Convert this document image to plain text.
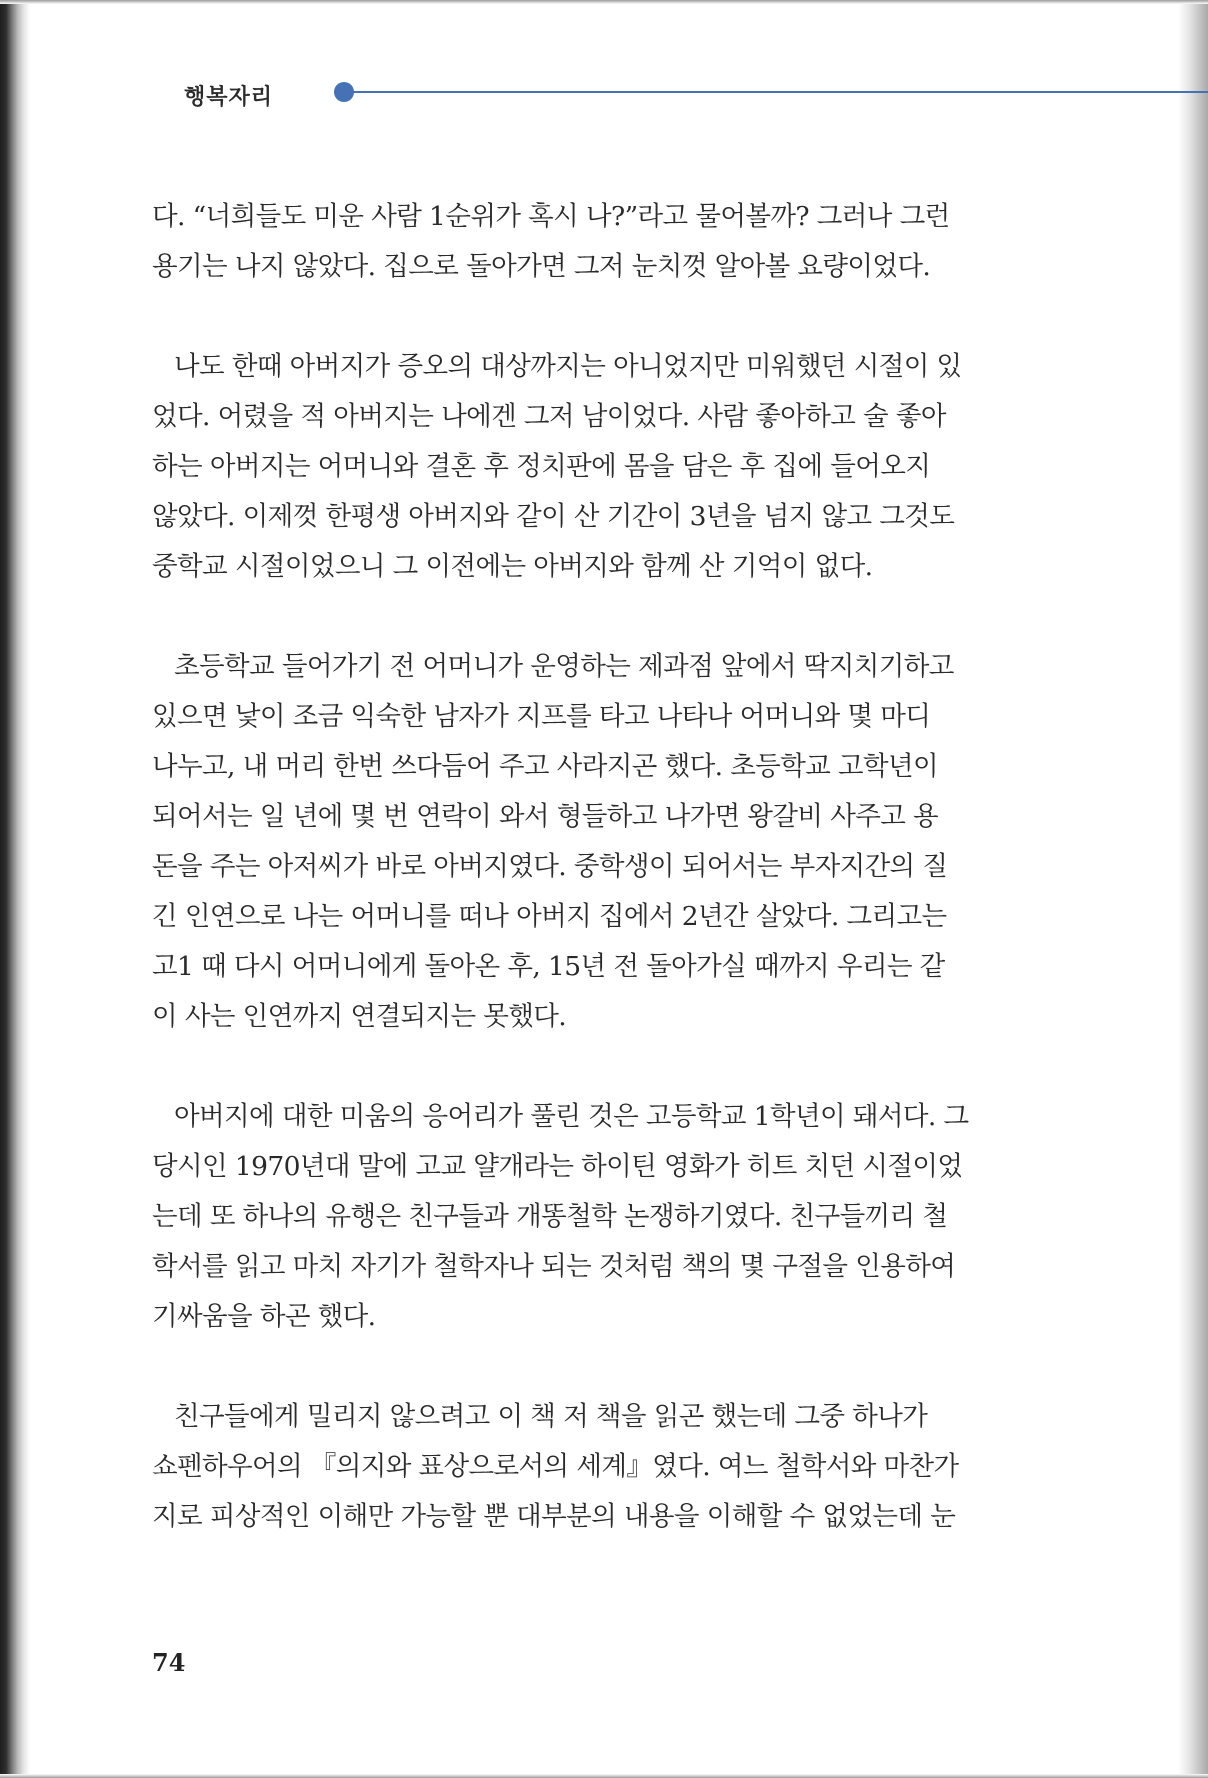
행복자리
다. “너희들도 미운 사람 1순위가 혹시 나?”라고 물어볼까? 그러나 그런
용기는 나지 않았다. 집으로 돌아가면 그저 눈치껏 알아볼 요량이었다.
나도 한때 아버지가 증오의 대상까지는 아니었지만 미워했던 시절이 있
었다. 어렸을 적 아버지는 나에겐 그저 남이었다. 사람 좋아하고 술 좋아
하는 아버지는 어머니와 결혼 후 정치판에 몸을 담은 후 집에 들어오지
않았다. 이제껏 한평생 아버지와 같이 산 기간이 3년을 넘지 않고 그것도
중학교 시절이었으니 그 이전에는 아버지와 함께 산 기억이 없다.
초등학교 들어가기 전 어머니가 운영하는 제과점 앞에서 딱지치기하고
있으면 낯이 조금 익숙한 남자가 지프를 타고 나타나 어머니와 몇 마디
나누고, 내 머리 한번 쓰다듬어 주고 사라지곤 했다. 초등학교 고학년이
되어서는 일 년에 몇 번 연락이 와서 형들하고 나가면 왕갈비 사주고 용
돈을 주는 아저씨가 바로 아버지였다. 중학생이 되어서는 부자지간의 질
긴 인연으로 나는 어머니를 떠나 아버지 집에서 2년간 살았다. 그리고는
고1 때 다시 어머니에게 돌아온 후, 15년 전 돌아가실 때까지 우리는 같
이 사는 인연까지 연결되지는 못했다.
아버지에 대한 미움의 응어리가 풀린 것은 고등학교 1학년이 돼서다. 그
당시인 1970년대 말에 고교 얄개라는 하이틴 영화가 히트 치던 시절이었
는데 또 하나의 유행은 친구들과 개똥철학 논쟁하기였다. 친구들끼리 철
학서를 읽고 마치 자기가 철학자나 되는 것처럼 책의 몇 구절을 인용하여
기싸움을 하곤 했다.
친구들에게 밀리지 않으려고 이 책 저 책을 읽곤 했는데 그중 하나가
쇼펜하우어의 『의지와 표상으로서의 세계』였다. 여느 철학서와 마찬가
지로 피상적인 이해만 가능할 뿐 대부분의 내용을 이해할 수 없었는데 눈
74
